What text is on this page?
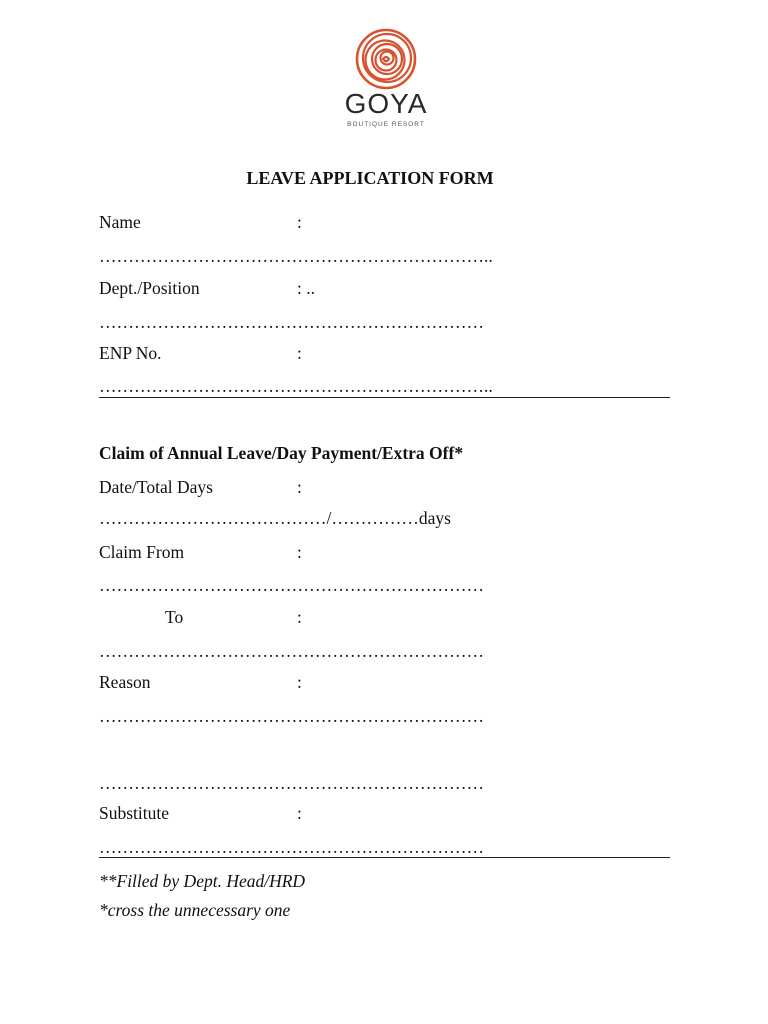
GOYA
BOUTIQUE RESORT
LEAVE APPLICATION FORM
Name	:
…………………………………………………………..
Dept./Position	: ..
…………………………………………………………
ENP No.	:
…………………………………………………………..
Claim of Annual Leave/Day Payment/Extra Off*
Date/Total Days	:
…………………………………/……………days
Claim From	:
…………………………………………………………
To	:
…………………………………………………………
Reason	:
…………………………………………………………
…………………………………………………………
Substitute	:
…………………………………………………………
**Filled by Dept. Head/HRD
*cross the unnecessary one
